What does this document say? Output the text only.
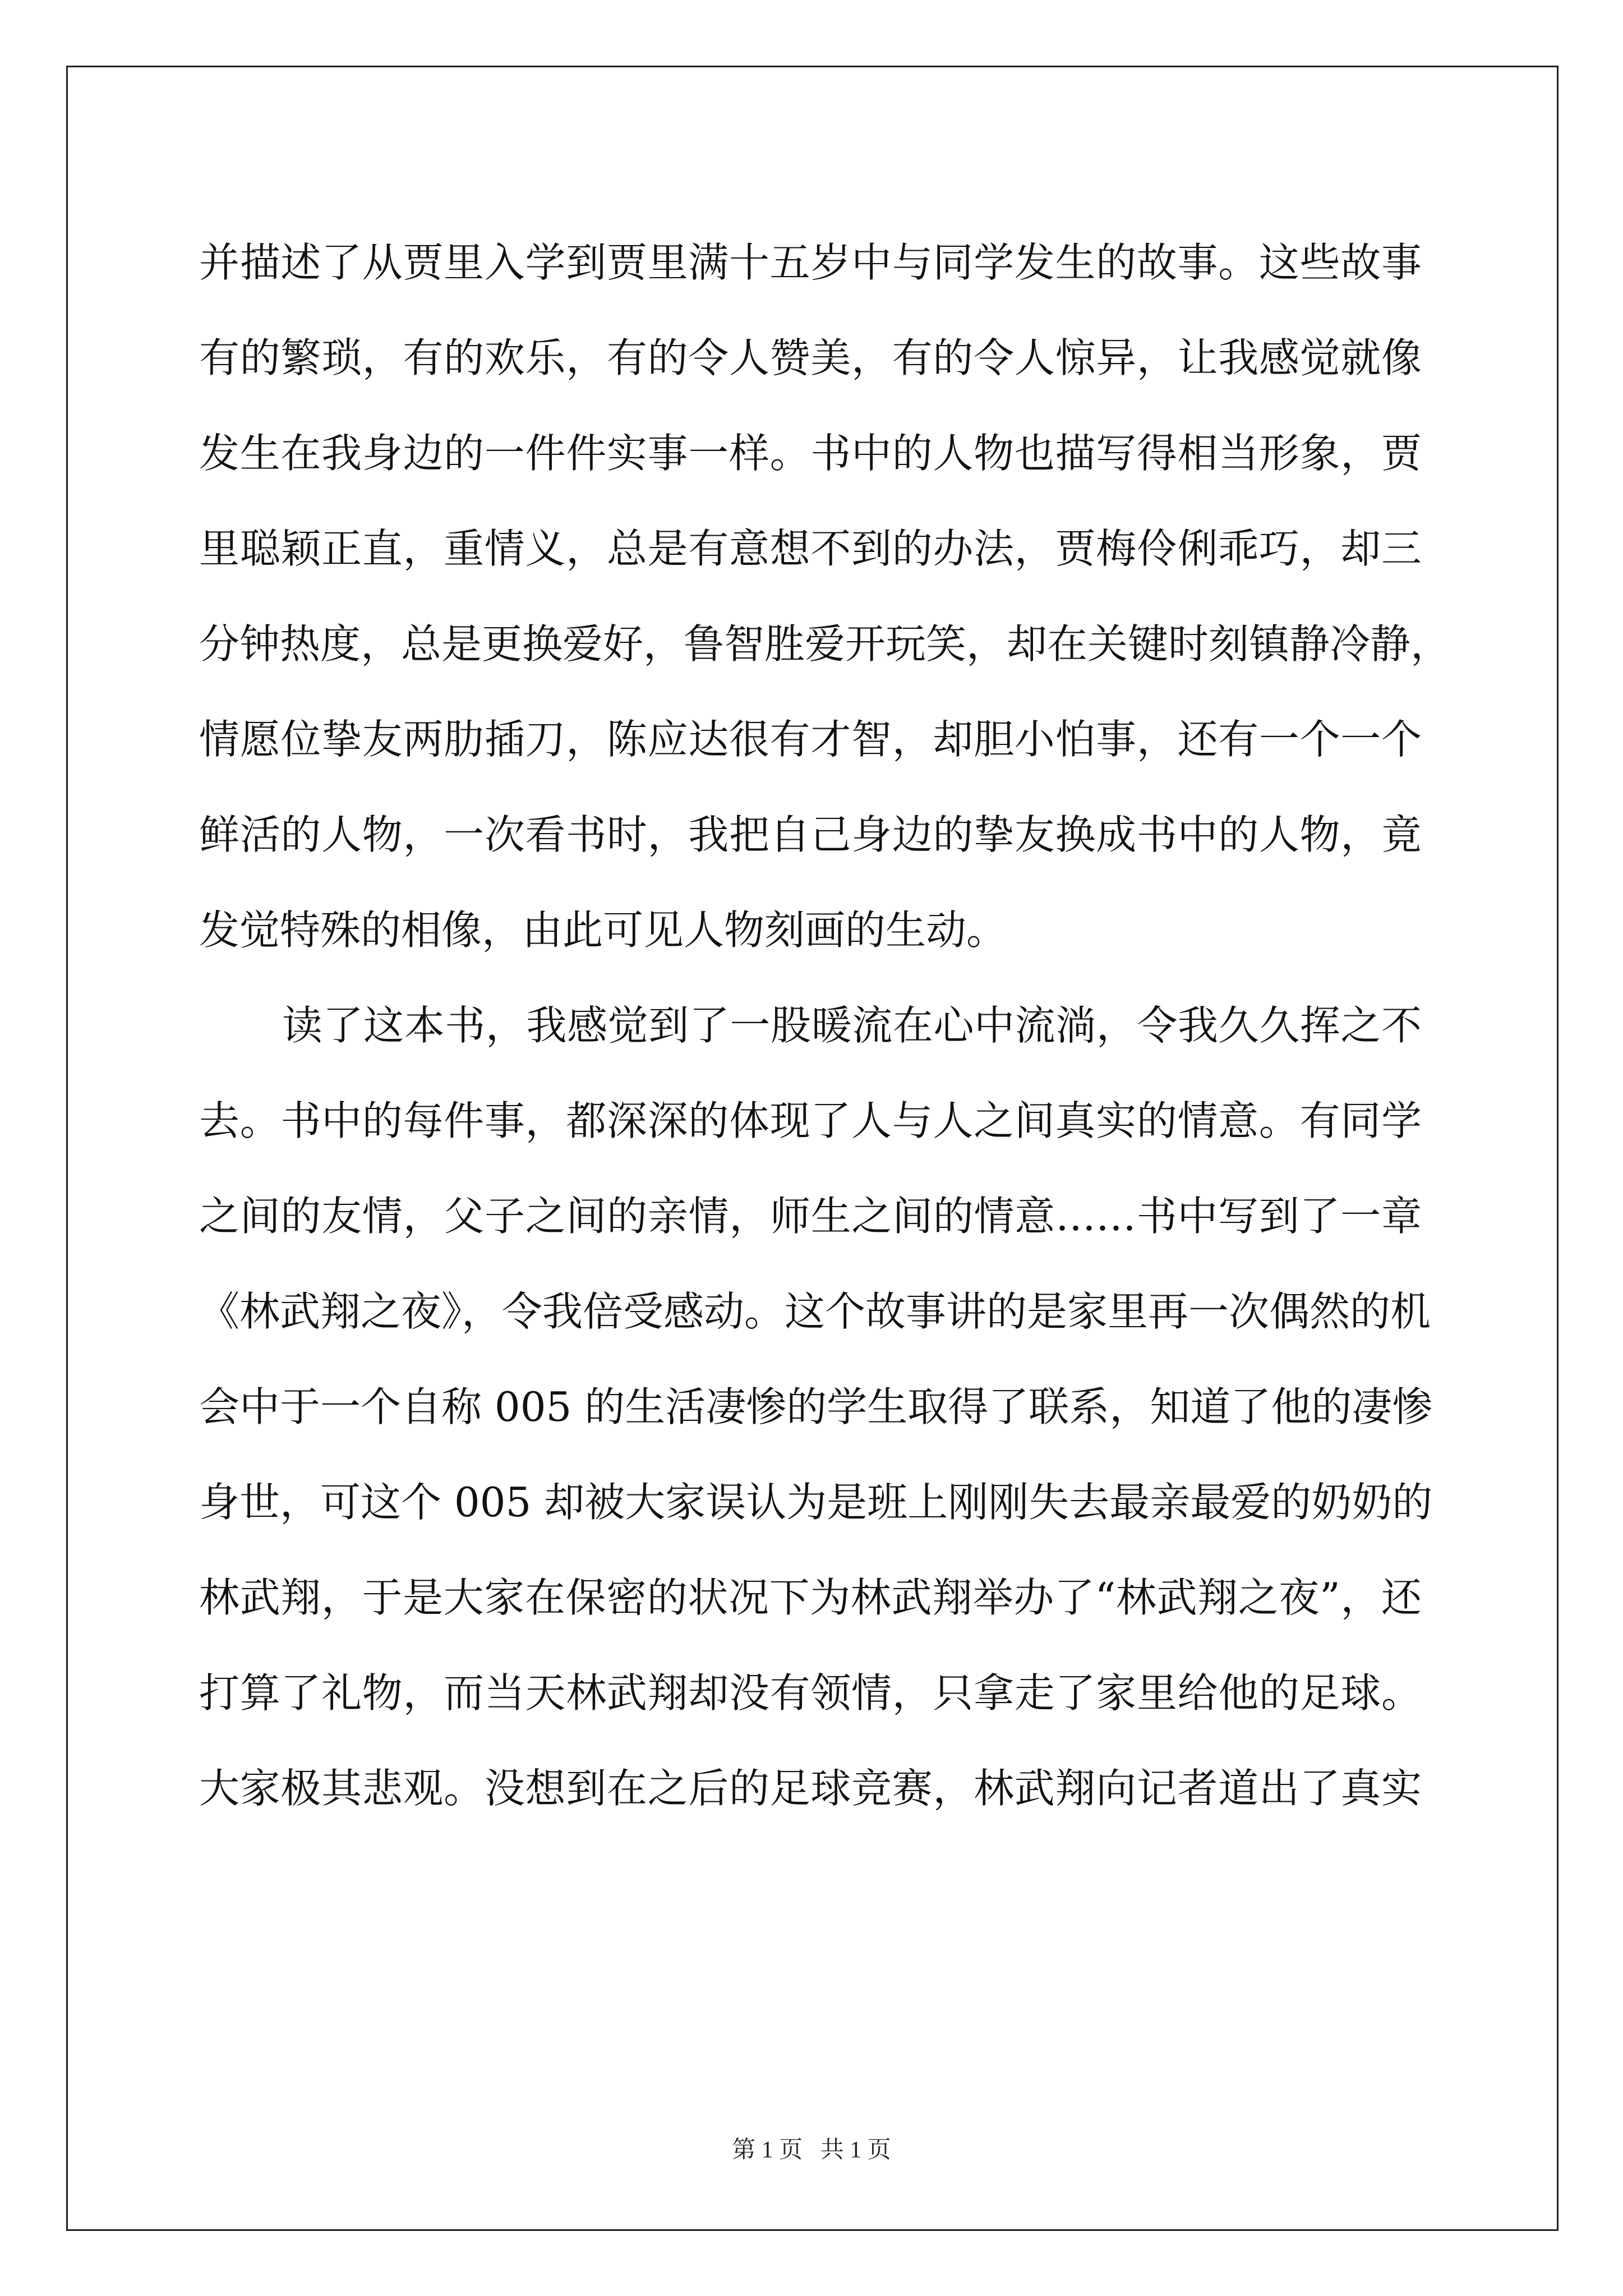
并描述了从贾里入学到贾里满十五岁中与同学发生的故事。这些故事
有的繁琐，有的欢乐，有的令人赞美，有的令人惊异，让我感觉就像
发生在我身边的一件件实事一样。书中的人物也描写得相当形象，贾
里聪颖正直，重情义，总是有意想不到的办法，贾梅伶俐乖巧，却三
分钟热度，总是更换爱好，鲁智胜爱开玩笑，却在关键时刻镇静冷静，
情愿位挚友两肋插刀，陈应达很有才智，却胆小怕事，还有一个一个
鲜活的人物，一次看书时，我把自己身边的挚友换成书中的人物，竟
发觉特殊的相像，由此可见人物刻画的生动。
读了这本书，我感觉到了一股暖流在心中流淌，令我久久挥之不
去。书中的每件事，都深深的体现了人与人之间真实的情意。有同学
之间的友情，父子之间的亲情，师生之间的情意……书中写到了一章
《林武翔之夜》，令我倍受感动。这个故事讲的是家里再一次偶然的机
会中于一个自称 005 的生活凄惨的学生取得了联系，知道了他的凄惨
身世，可这个 005 却被大家误认为是班上刚刚失去最亲最爱的奶奶的
林武翔，于是大家在保密的状况下为林武翔举办了“林武翔之夜”，还
打算了礼物，而当天林武翔却没有领情，只拿走了家里给他的足球。
大家极其悲观。没想到在之后的足球竞赛，林武翔向记者道出了真实
第 1 页   共 1 页
